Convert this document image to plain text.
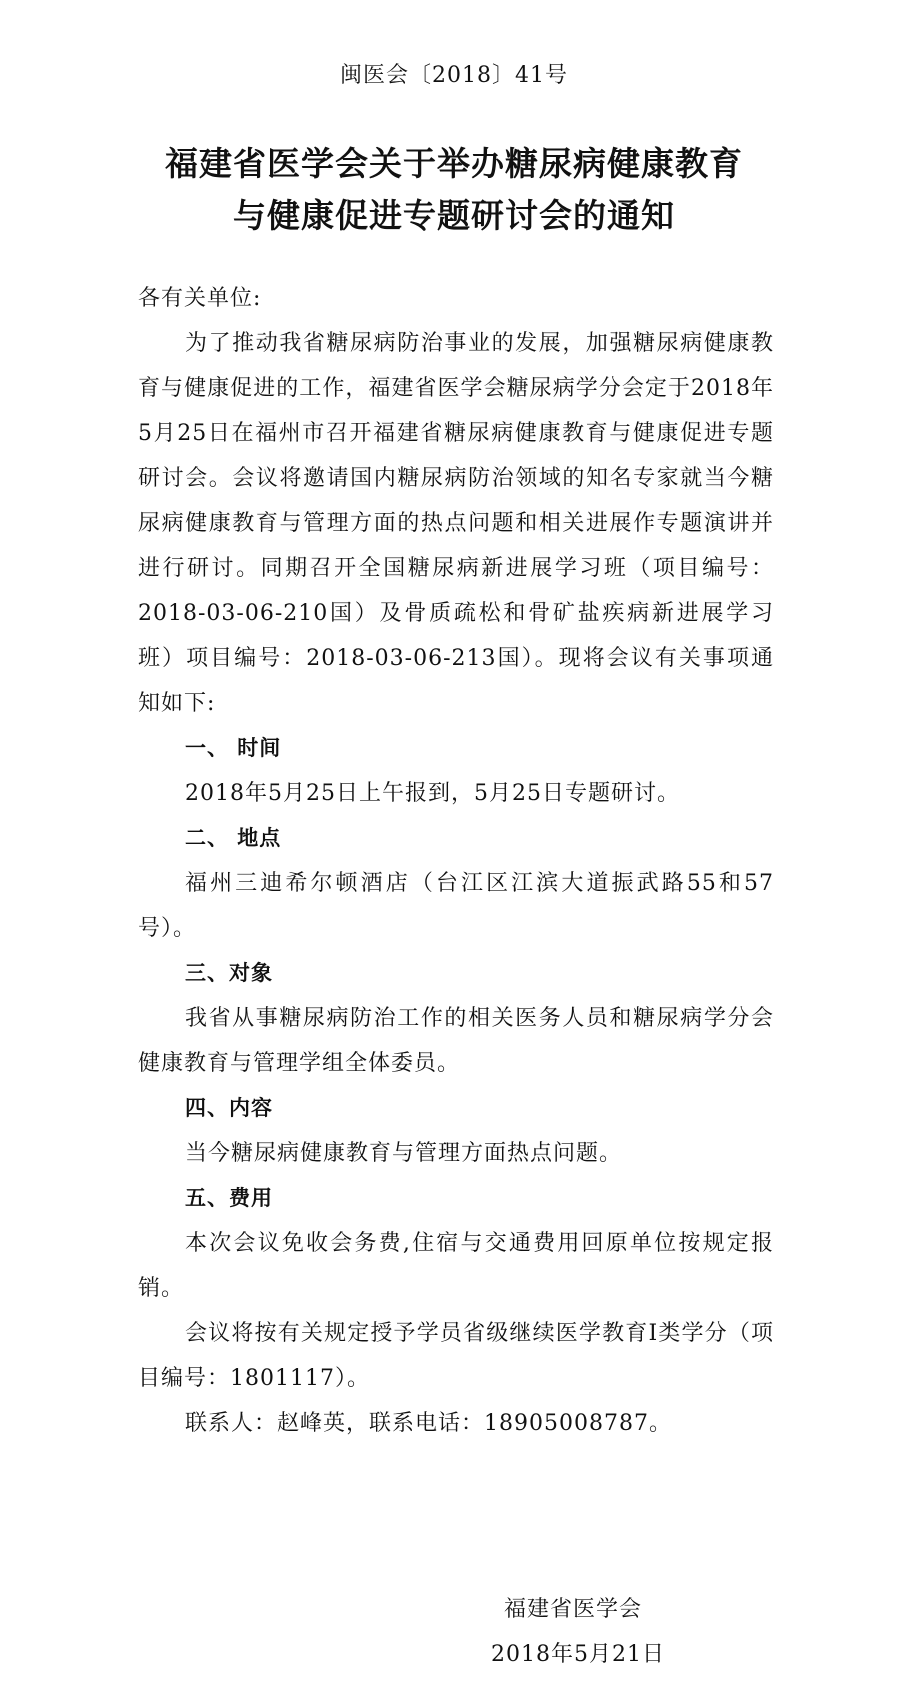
闽医会〔2018〕41号
福建省医学会关于举办糖尿病健康教育
与健康促进专题研讨会的通知

各有关单位:

为了推动我省糖尿病防治事业的发展，加强糖尿病健康教育与健康促进的工作，福建省医学会糖尿病学分会定于2018年5月25日在福州市召开福建省糖尿病健康教育与健康促进专题研讨会。会议将邀请国内糖尿病防治领域的知名专家就当今糖尿病健康教育与管理方面的热点问题和相关进展作专题演讲并进行研讨。同期召开全国糖尿病新进展学习班（项目编号：2018-03-06-210国）及骨质疏松和骨矿盐疾病新进展学习班）项目编号：2018-03-06-213国）。现将会议有关事项通知如下:

一、 时间

2018年5月25日上午报到，5月25日专题研讨。

二、 地点

福州三迪希尔顿酒店（台江区江滨大道振武路55和57号）。

三、对象

我省从事糖尿病防治工作的相关医务人员和糖尿病学分会健康教育与管理学组全体委员。

四、内容

当今糖尿病健康教育与管理方面热点问题。

五、费用

本次会议免收会务费,住宿与交通费用回原单位按规定报销。

会议将按有关规定授予学员省级继续医学教育I类学分（项目编号：1801117）。

联系人：赵峰英，联系电话：18905008787。

福建省医学会
2018年5月21日
